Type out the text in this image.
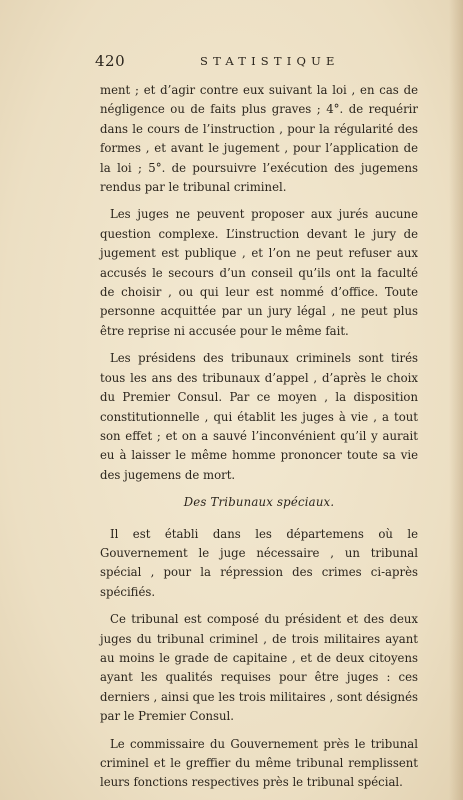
420	STATISTIQUE

ment ; et d’agir contre eux suivant la loi , en cas de négligence ou de faits plus graves ; 4°. de requérir dans le cours de l’instruction , pour la régularité des formes , et avant le jugement , pour l’application de la loi ; 5°. de poursuivre l’exécution des jugemens rendus par le tribunal criminel.

Les juges ne peuvent proposer aux jurés aucune question complexe. L’instruction devant le jury de jugement est publique , et l’on ne peut refuser aux accusés le secours d’un conseil qu’ils ont la faculté de choisir , ou qui leur est nommé d’office. Toute personne acquittée par un jury légal , ne peut plus être reprise ni accusée pour le même fait.

Les présidens des tribunaux criminels sont tirés tous les ans des tribunaux d’appel , d’après le choix du Premier Consul. Par ce moyen , la disposition constitutionnelle , qui établit les juges à vie , a tout son effet ; et on a sauvé l’inconvénient qu’il y aurait eu à laisser le même homme prononcer toute sa vie des jugemens de mort.

Des Tribunaux spéciaux.

Il est établi dans les départemens où le Gouvernement le juge nécessaire , un tribunal spécial , pour la répression des crimes ci-après spécifiés.

Ce tribunal est composé du président et des deux juges du tribunal criminel , de trois militaires ayant au moins le grade de capitaine , et de deux citoyens ayant les qualités requises pour être juges : ces derniers , ainsi que les trois militaires , sont désignés par le Premier Consul.

Le commissaire du Gouvernement près le tribunal criminel et le greffier du même tribunal remplissent leurs fonctions respectives près le tribunal spécial.
